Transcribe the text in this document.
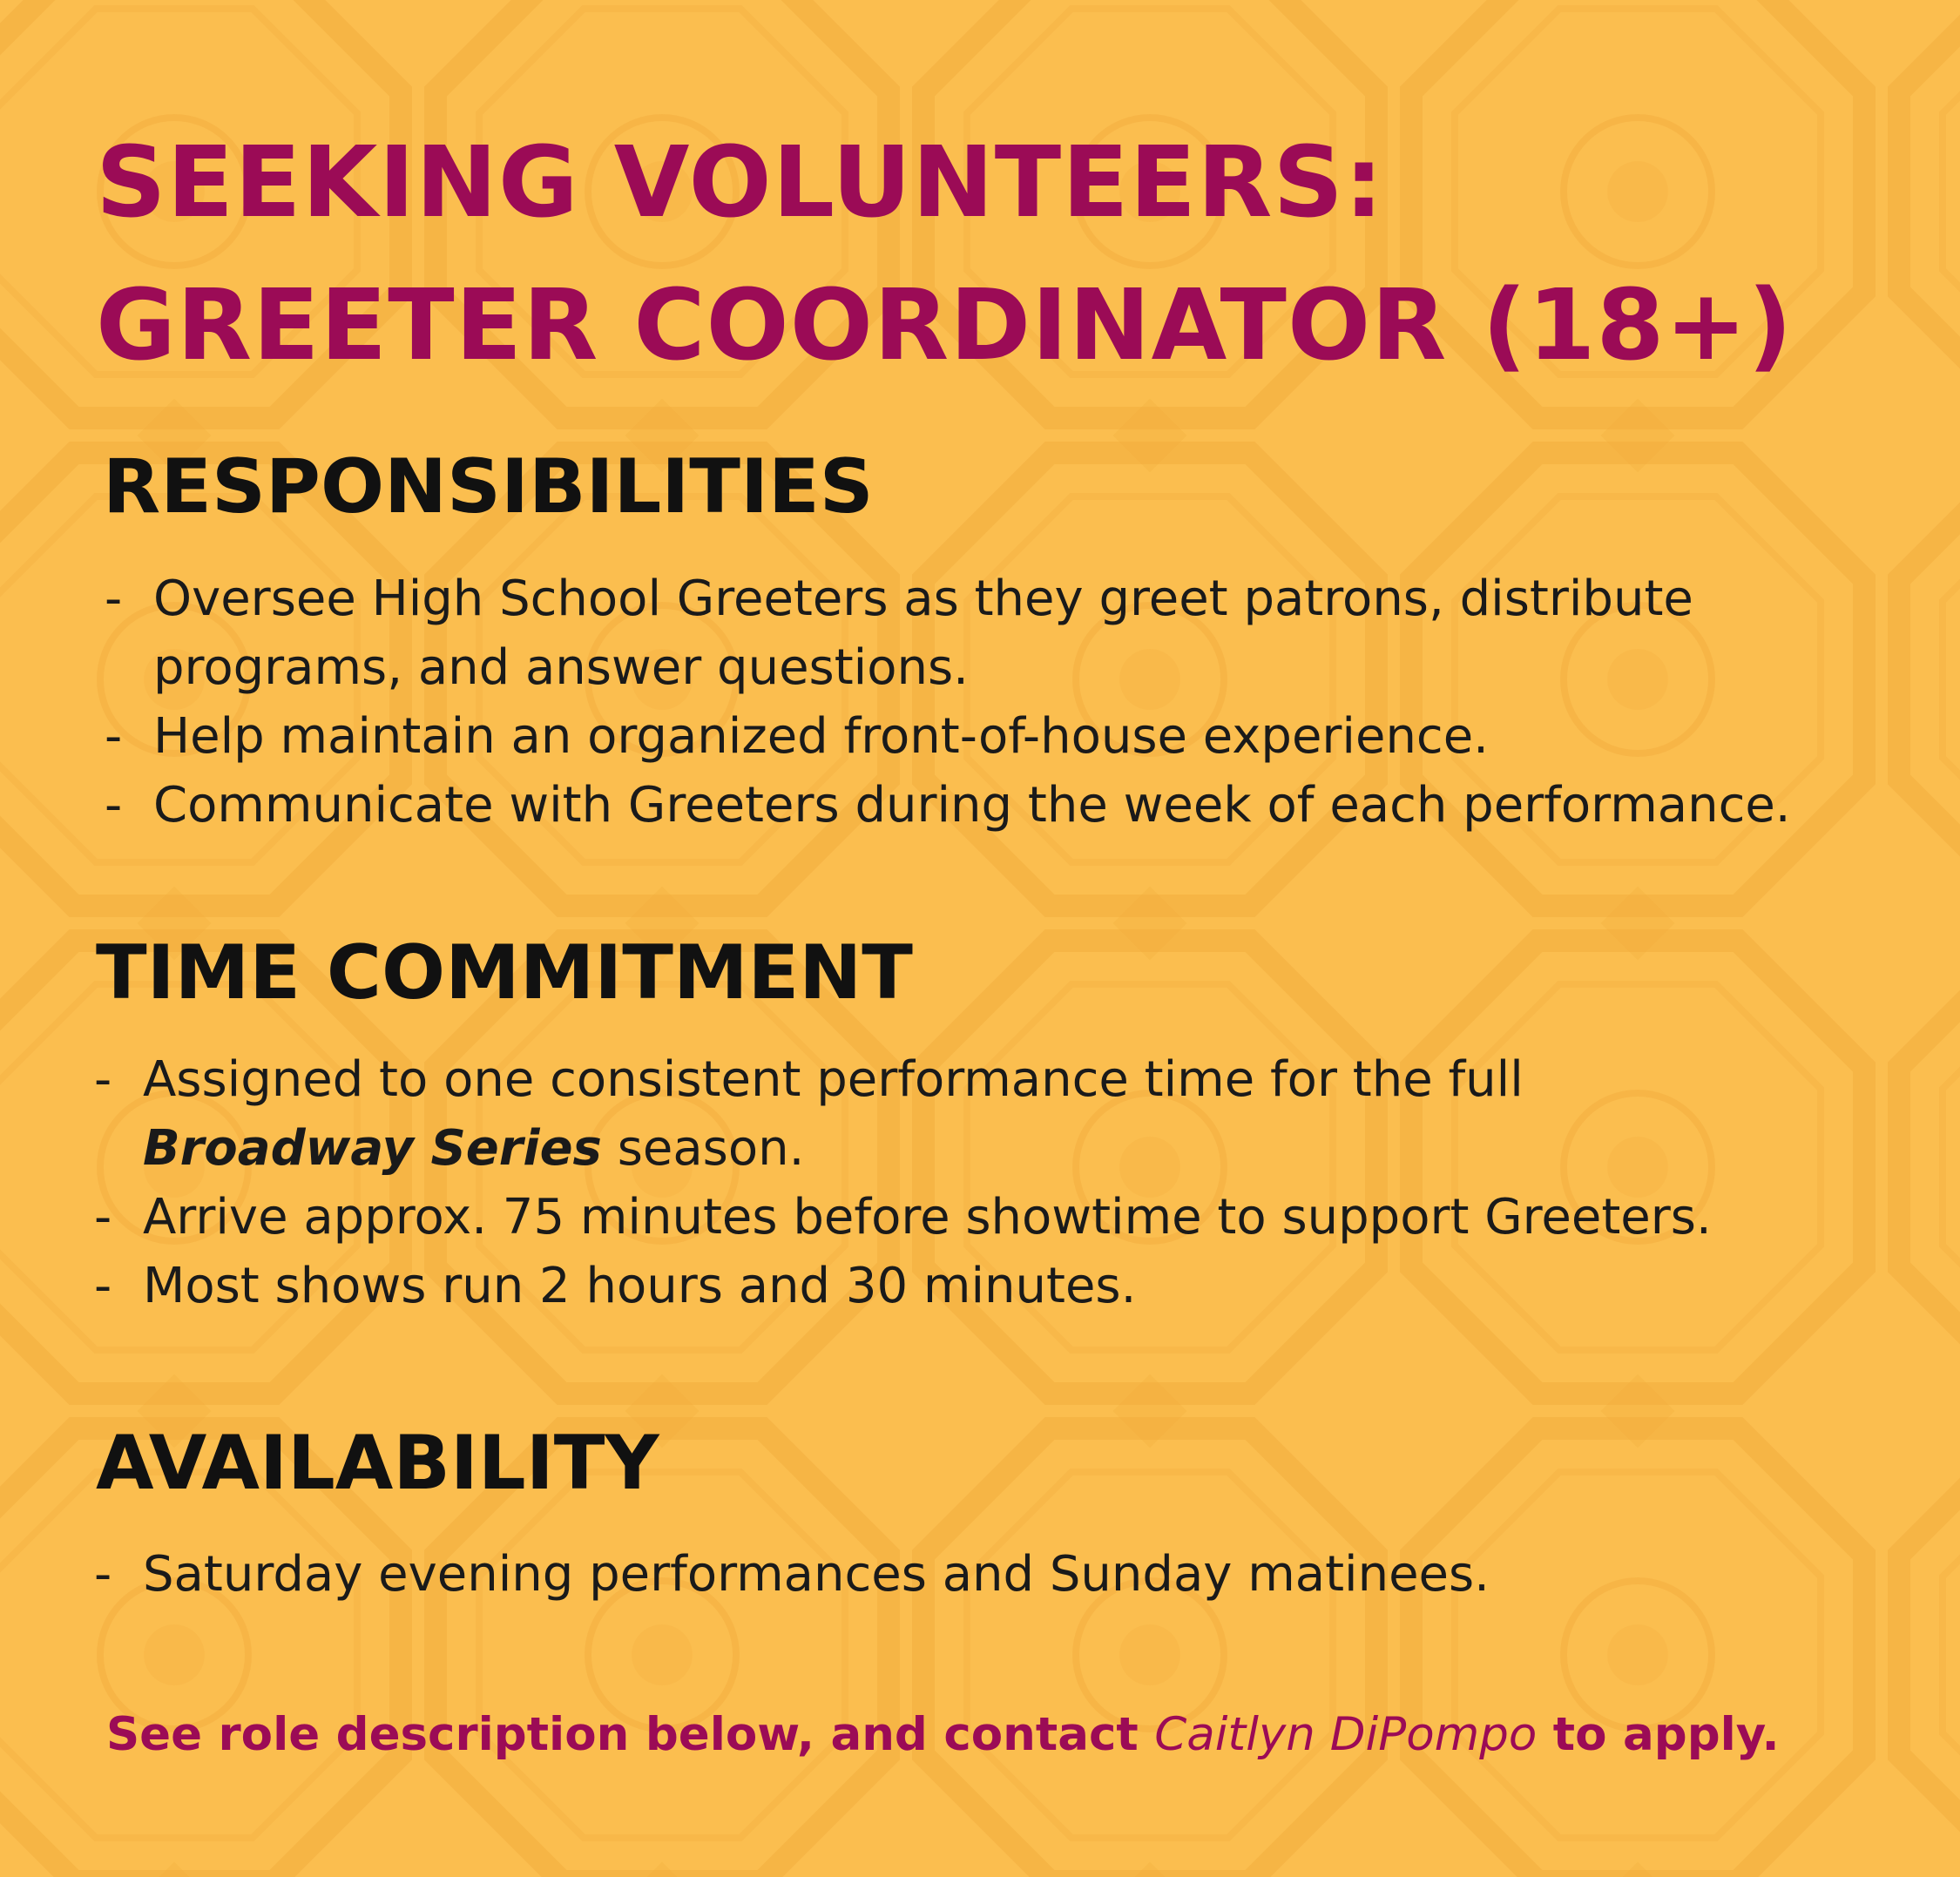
SEEKING VOLUNTEERS:
GREETER COORDINATOR (18+)
RESPONSIBILITIES
- Oversee High School Greeters as they greet patrons, distribute
programs, and answer questions.
- Help maintain an organized front-of-house experience.
- Communicate with Greeters during the week of each performance.
TIME COMMITMENT
- Assigned to one consistent performance time for the full
Broadway Series season.
- Arrive approx. 75 minutes before showtime to support Greeters.
- Most shows run 2 hours and 30 minutes.
AVAILABILITY
- Saturday evening performances and Sunday matinees.

See role description below, and contact Caitlyn DiPompo to apply.
